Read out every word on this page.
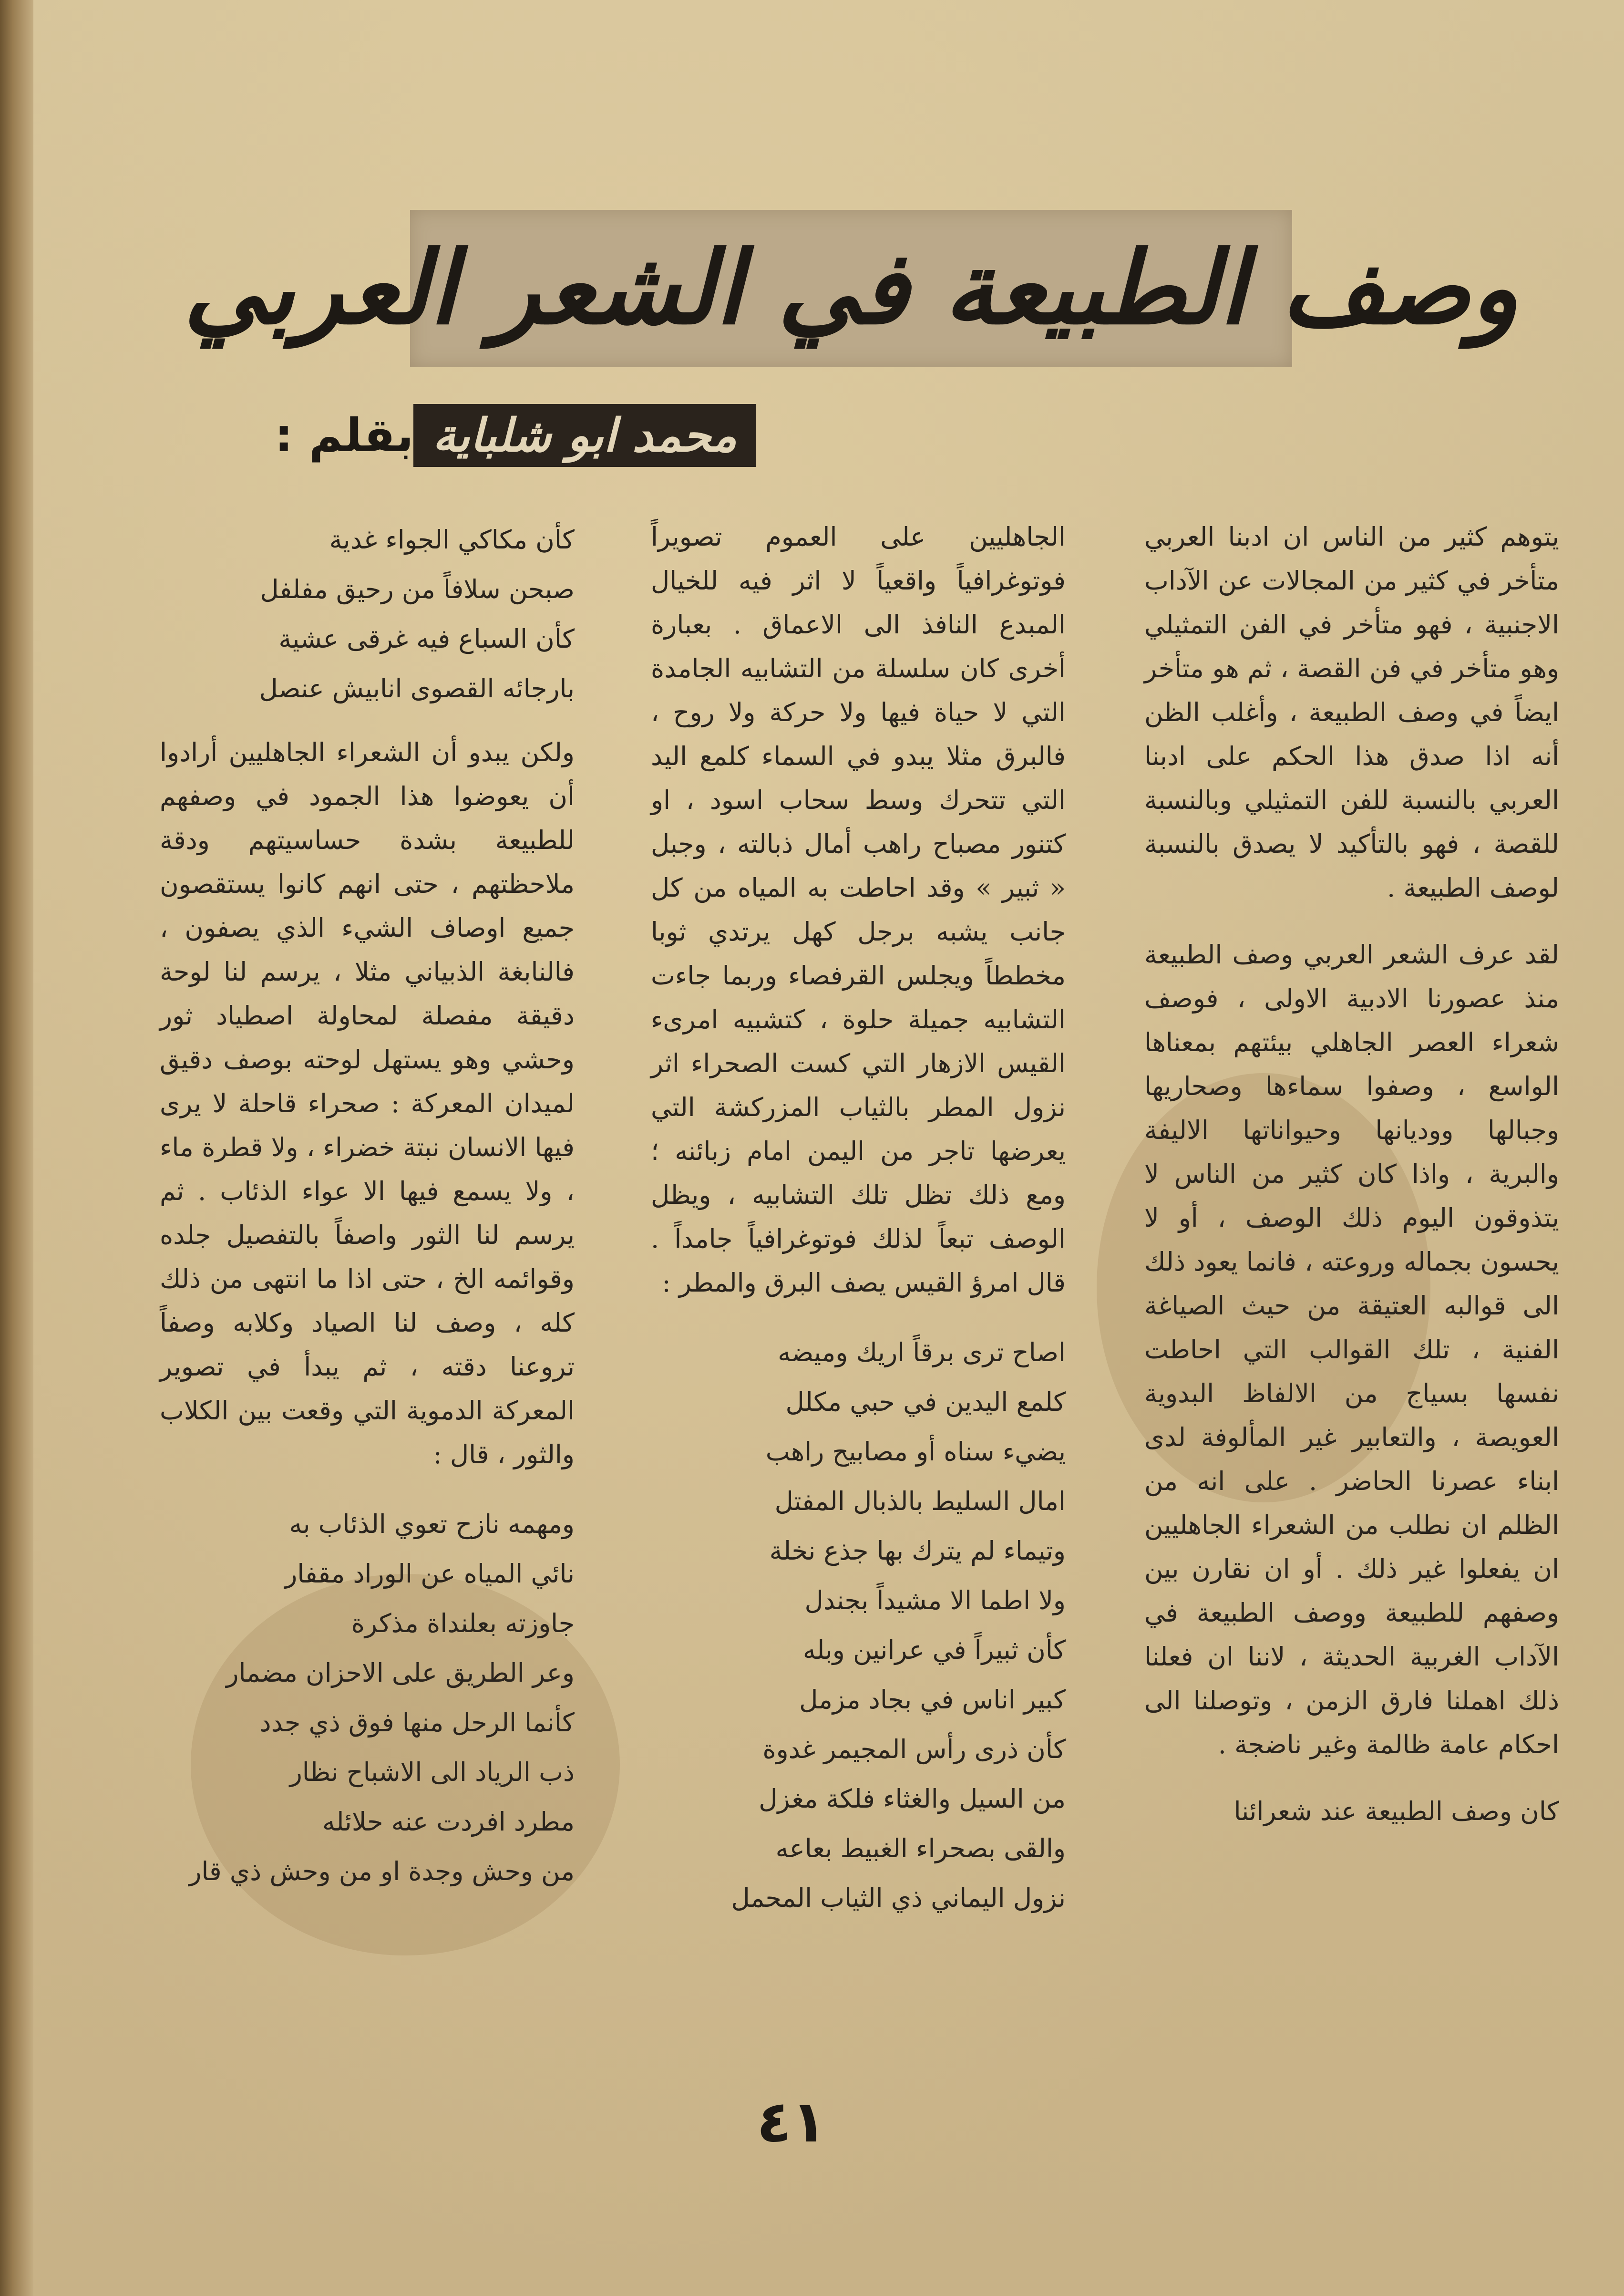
وصف الطبيعة في الشعر العربي
بقلم : محمد ابو شلباية

يتوهم كثير من الناس ان ادبنا العربي متأخر في كثير من المجالات عن الآداب الاجنبية ، فهو متأخر في الفن التمثيلي وهو متأخر في فن القصة ، ثم هو متأخر ايضاً في وصف الطبيعة ، وأغلب الظن أنه اذا صدق هذا الحكم على ادبنا العربي بالنسبة للفن التمثيلي وبالنسبة للقصة ، فهو بالتأكيد لا يصدق بالنسبة لوصف الطبيعة .

لقد عرف الشعر العربي وصف الطبيعة منذ عصورنا الادبية الاولى ، فوصف شعراء العصر الجاهلي بيئتهم بمعناها الواسع ، وصفوا سماءها وصحاريها وجبالها ووديانها وحيواناتها الاليفة والبرية ، واذا كان كثير من الناس لا يتذوقون اليوم ذلك الوصف ، أو لا يحسون بجماله وروعته ، فانما يعود ذلك الى قوالبه العتيقة من حيث الصياغة الفنية ، تلك القوالب التي احاطت نفسها بسياج من الالفاظ البدوية العويصة ، والتعابير غير المألوفة لدى ابناء عصرنا الحاضر . على انه من الظلم ان نطلب من الشعراء الجاهليين ان يفعلوا غير ذلك . أو ان نقارن بين وصفهم للطبيعة ووصف الطبيعة في الآداب الغربية الحديثة ، لاننا ان فعلنا ذلك اهملنا فارق الزمن ، وتوصلنا الى احكام عامة ظالمة وغير ناضجة .

كان وصف الطبيعة عند شعرائنا

الجاهليين على العموم تصويراً فوتوغرافياً واقعياً لا اثر فيه للخيال المبدع النافذ الى الاعماق . بعبارة أخرى كان سلسلة من التشابيه الجامدة التي لا حياة فيها ولا حركة ولا روح ، فالبرق مثلا يبدو في السماء كلمع اليد التي تتحرك وسط سحاب اسود ، او كتنور مصباح راهب أمال ذبالته ، وجبل « ثبير » وقد احاطت به المياه من كل جانب يشبه برجل كهل يرتدي ثوبا مخططاً ويجلس القرفصاء وربما جاءت التشابيه جميلة حلوة ، كتشبيه امرىء القيس الازهار التي كست الصحراء اثر نزول المطر بالثياب المزركشة التي يعرضها تاجر من اليمن امام زبائنه ؛ ومع ذلك تظل تلك التشابيه ، ويظل الوصف تبعاً لذلك فوتوغرافياً جامداً . قال امرؤ القيس يصف البرق والمطر :

اصاح ترى برقاً اريك وميضه
كلمع اليدين في حبي مكلل
يضيء سناه أو مصابيح راهب
امال السليط بالذبال المفتل
وتيماء لم يترك بها جذع نخلة
ولا اطما الا مشيداً بجندل
كأن ثبيراً في عرانين وبله
كبير اناس في بجاد مزمل
كأن ذرى رأس المجيمر غدوة
من السيل والغثاء فلكة مغزل
والقى بصحراء الغبيط بعاعه
نزول اليماني ذي الثياب المحمل
كأن مكاكي الجواء غدية
صبحن سلافاً من رحيق مفلفل
كأن السباع فيه غرقى عشية
بارجائه القصوى انابيش عنصل

ولكن يبدو أن الشعراء الجاهليين أرادوا أن يعوضوا هذا الجمود في وصفهم للطبيعة بشدة حساسيتهم ودقة ملاحظتهم ، حتى انهم كانوا يستقصون جميع اوصاف الشيء الذي يصفون ، فالنابغة الذبياني مثلا ، يرسم لنا لوحة دقيقة مفصلة لمحاولة اصطياد ثور وحشي وهو يستهل لوحته بوصف دقيق لميدان المعركة : صحراء قاحلة لا يرى فيها الانسان نبتة خضراء ، ولا قطرة ماء ، ولا يسمع فيها الا عواء الذئاب . ثم يرسم لنا الثور واصفاً بالتفصيل جلده وقوائمه الخ ، حتى اذا ما انتهى من ذلك كله ، وصف لنا الصياد وكلابه وصفاً تروعنا دقته ، ثم يبدأ في تصوير المعركة الدموية التي وقعت بين الكلاب والثور ، قال :

ومهمه نازح تعوي الذئاب به
نائي المياه عن الوراد مقفار
جاوزته بعلنداة مذكرة
وعر الطريق على الاحزان مضمار
كأنما الرحل منها فوق ذي جدد
ذب الرياد الى الاشباح نظار
مطرد افردت عنه حلائله
من وحش وجدة او من وحش ذي قار
٤١
